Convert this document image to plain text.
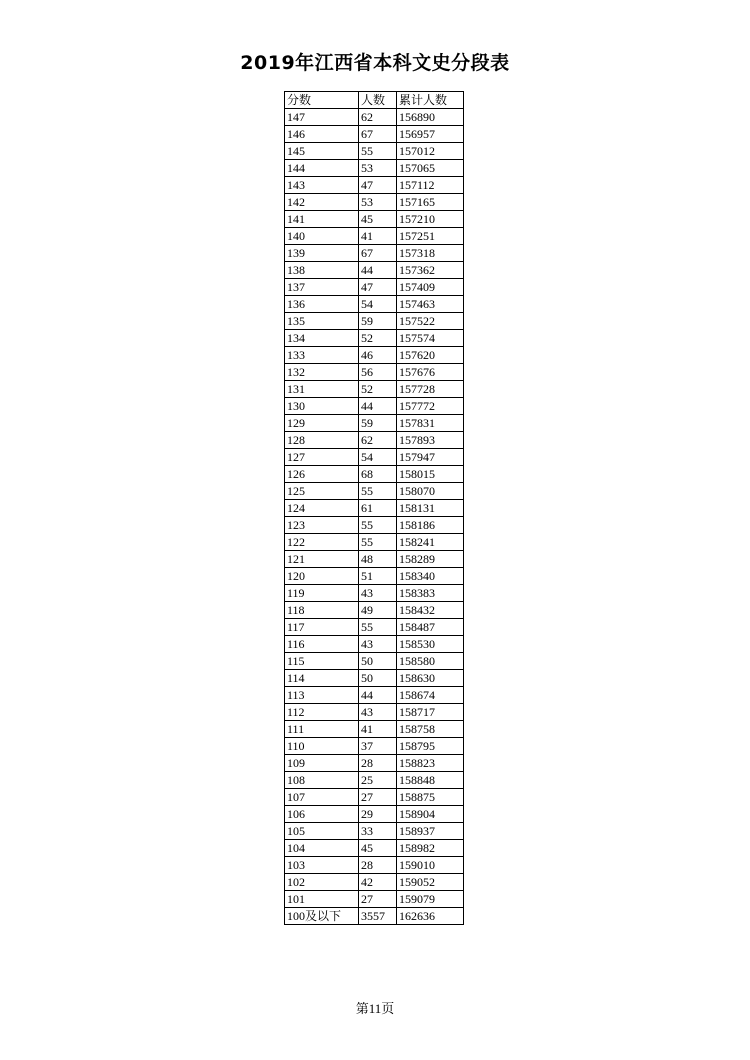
2019年江西省本科文史分段表
分数	人数	累计人数
147	62	156890
146	67	156957
145	55	157012
144	53	157065
143	47	157112
142	53	157165
141	45	157210
140	41	157251
139	67	157318
138	44	157362
137	47	157409
136	54	157463
135	59	157522
134	52	157574
133	46	157620
132	56	157676
131	52	157728
130	44	157772
129	59	157831
128	62	157893
127	54	157947
126	68	158015
125	55	158070
124	61	158131
123	55	158186
122	55	158241
121	48	158289
120	51	158340
119	43	158383
118	49	158432
117	55	158487
116	43	158530
115	50	158580
114	50	158630
113	44	158674
112	43	158717
111	41	158758
110	37	158795
109	28	158823
108	25	158848
107	27	158875
106	29	158904
105	33	158937
104	45	158982
103	28	159010
102	42	159052
101	27	159079
100及以下	3557	162636
第11页
